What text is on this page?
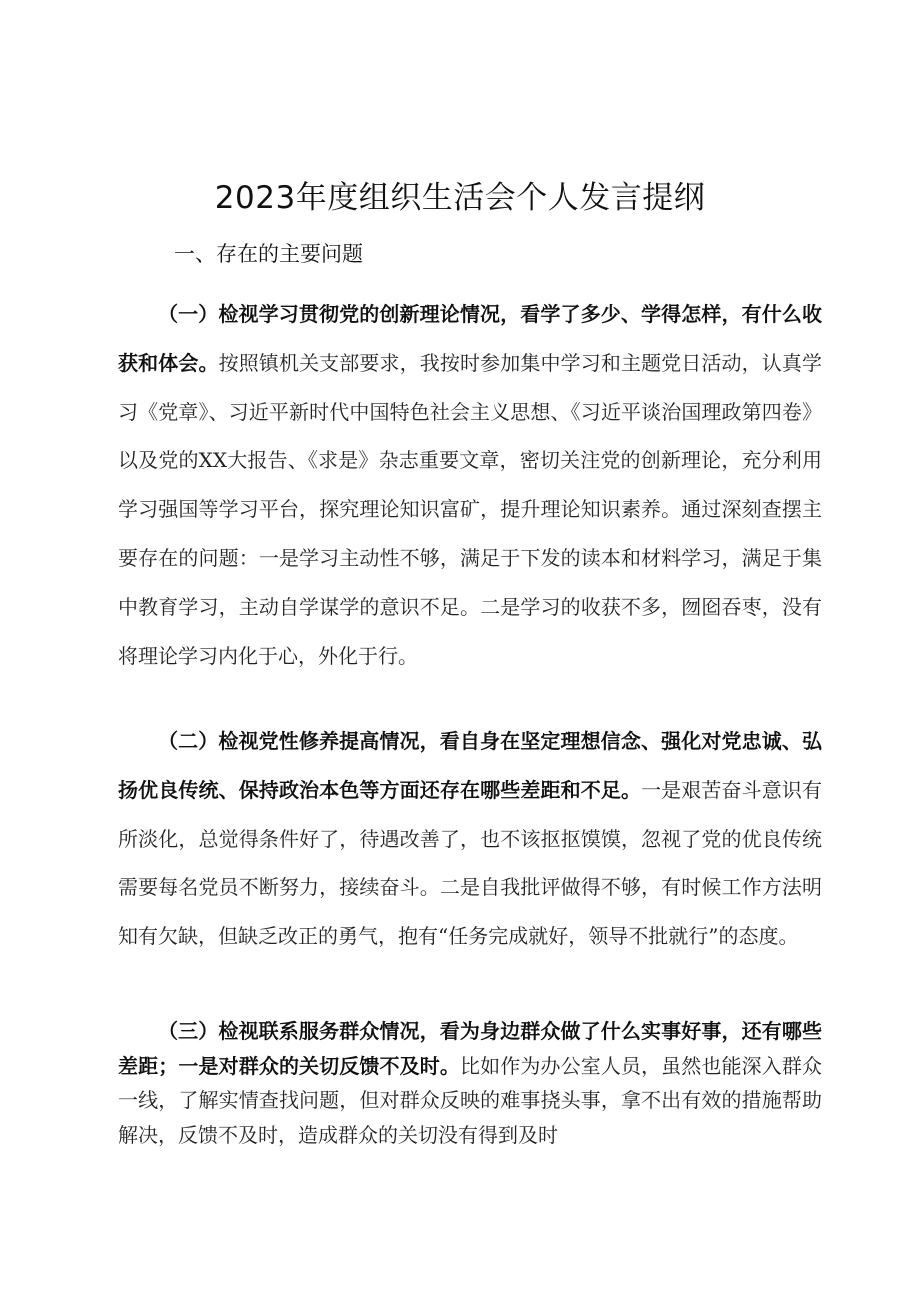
2023年度组织生活会个人发言提纲
一、存在的主要问题

（一）检视学习贯彻党的创新理论情况，看学了多少、学得怎样，有什么收获和体会。按照镇机关支部要求，我按时参加集中学习和主题党日活动，认真学习《党章》、习近平新时代中国特色社会主义思想、《习近平谈治国理政第四卷》以及党的XX大报告、《求是》杂志重要文章，密切关注党的创新理论，充分利用学习强国等学习平台，探究理论知识富矿，提升理论知识素养。通过深刻查摆主要存在的问题：一是学习主动性不够，满足于下发的读本和材料学习，满足于集中教育学习，主动自学谋学的意识不足。二是学习的收获不多，囫囵吞枣，没有将理论学习内化于心，外化于行。

（二）检视党性修养提高情况，看自身在坚定理想信念、强化对党忠诚、弘扬优良传统、保持政治本色等方面还存在哪些差距和不足。一是艰苦奋斗意识有所淡化，总觉得条件好了，待遇改善了，也不该抠抠馍馍，忽视了党的优良传统需要每名党员不断努力，接续奋斗。二是自我批评做得不够，有时候工作方法明知有欠缺，但缺乏改正的勇气，抱有“任务完成就好，领导不批就行”的态度。

（三）检视联系服务群众情况，看为身边群众做了什么实事好事，还有哪些差距；一是对群众的关切反馈不及时。比如作为办公室人员，虽然也能深入群众一线，了解实情查找问题，但对群众反映的难事挠头事，拿不出有效的措施帮助解决，反馈不及时，造成群众的关切没有得到及时
